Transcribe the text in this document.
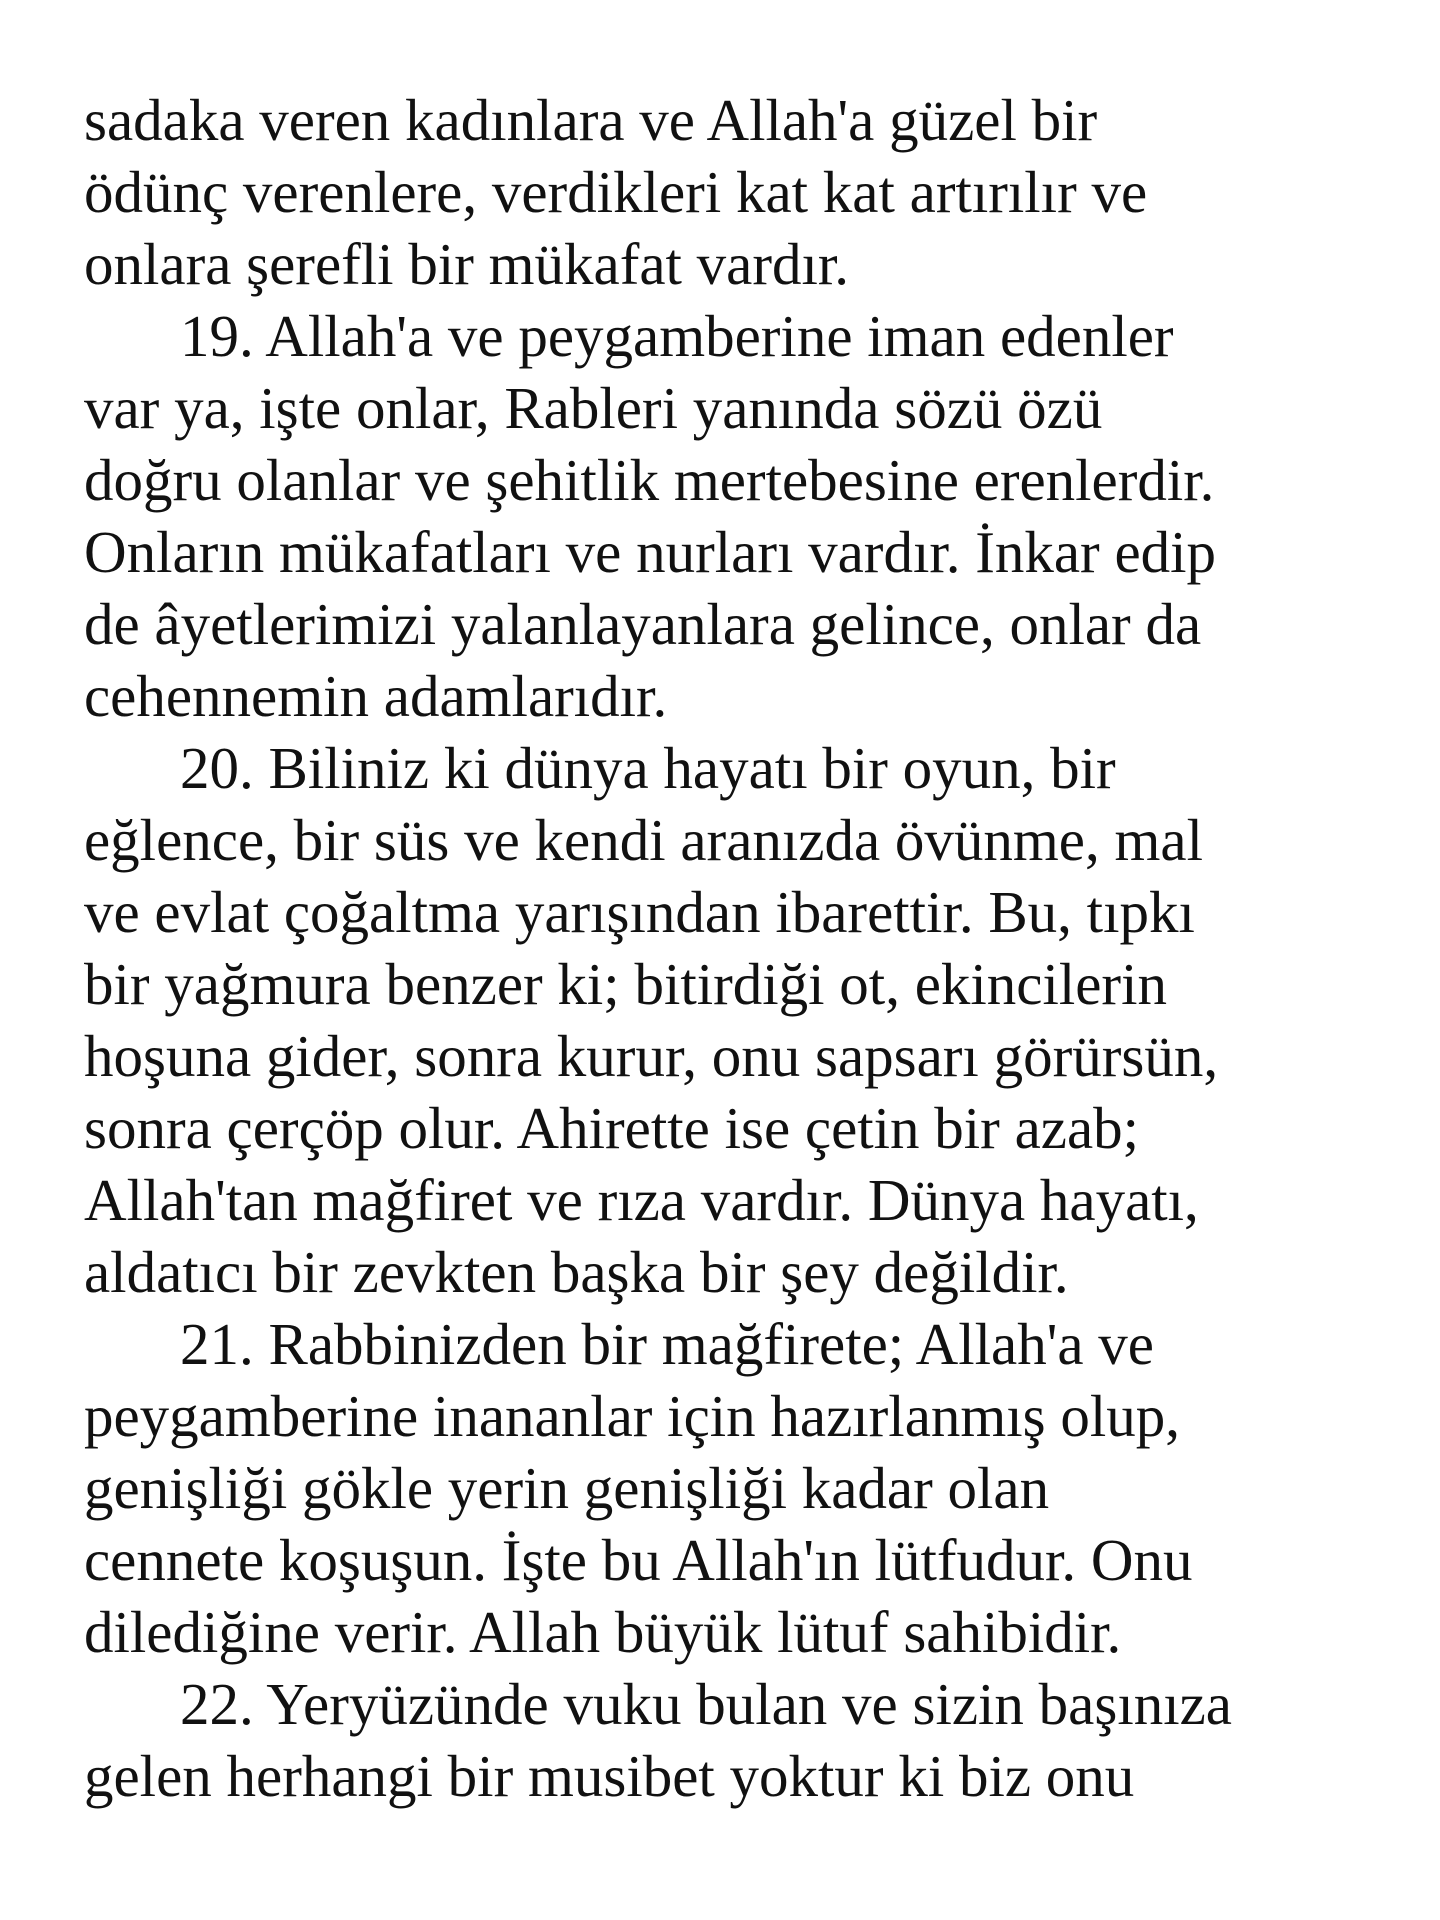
sadaka veren kadınlara ve Allah'a güzel bir
ödünç verenlere, verdikleri kat kat artırılır ve
onlara şerefli bir mükafat vardır.

19. Allah'a ve peygamberine iman edenler
var ya, işte onlar, Rableri yanında sözü özü
doğru olanlar ve şehitlik mertebesine erenlerdir.
Onların mükafatları ve nurları vardır. İnkar edip
de âyetlerimizi yalanlayanlara gelince, onlar da
cehennemin adamlarıdır.

20. Biliniz ki dünya hayatı bir oyun, bir
eğlence, bir süs ve kendi aranızda övünme, mal
ve evlat çoğaltma yarışından ibarettir. Bu, tıpkı
bir yağmura benzer ki; bitirdiği ot, ekincilerin
hoşuna gider, sonra kurur, onu sapsarı görürsün,
sonra çerçöp olur. Ahirette ise çetin bir azab;
Allah'tan mağfiret ve rıza vardır. Dünya hayatı,
aldatıcı bir zevkten başka bir şey değildir.

21. Rabbinizden bir mağfirete; Allah'a ve
peygamberine inananlar için hazırlanmış olup,
genişliği gökle yerin genişliği kadar olan
cennete koşuşun. İşte bu Allah'ın lütfudur. Onu
dilediğine verir. Allah büyük lütuf sahibidir.

22. Yeryüzünde vuku bulan ve sizin başınıza
gelen herhangi bir musibet yoktur ki biz onu
